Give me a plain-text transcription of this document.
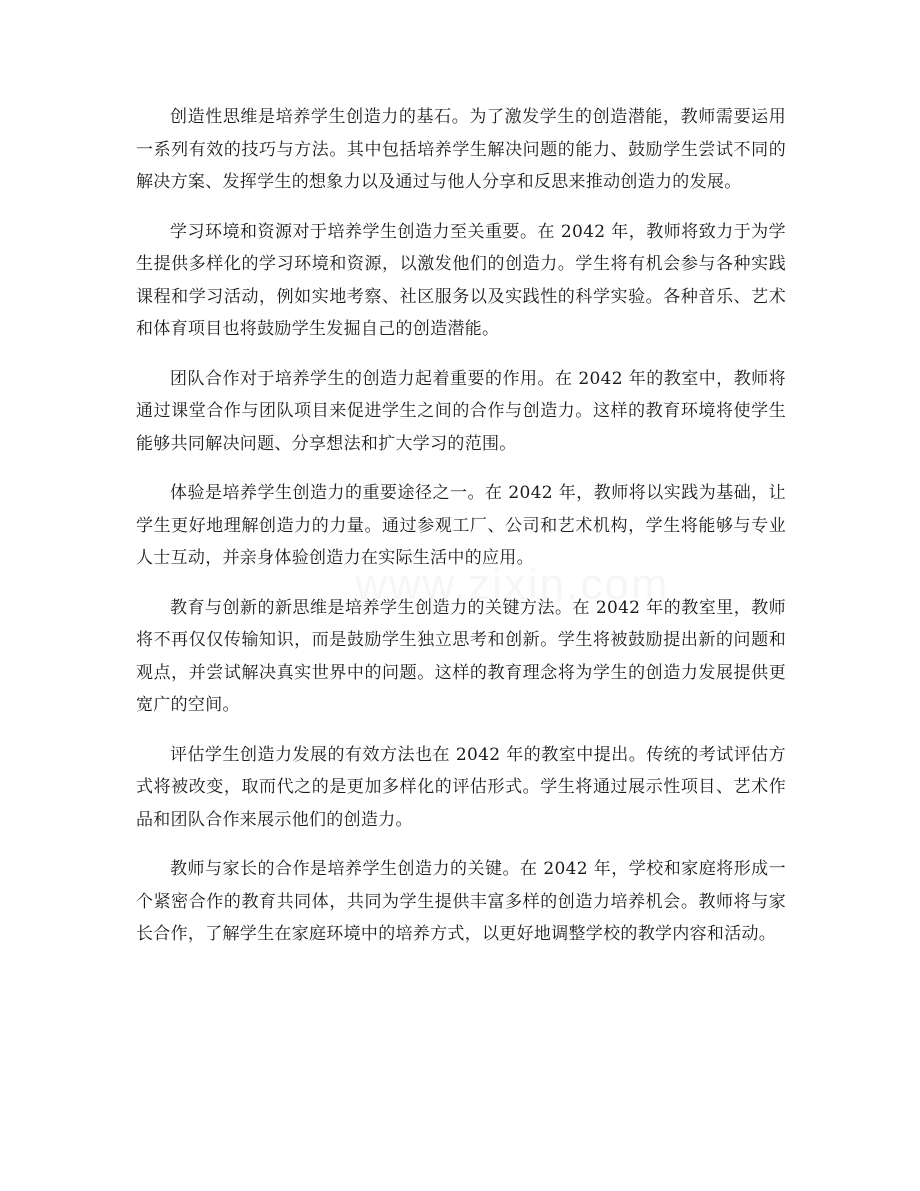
www.zixin.com

创造性思维是培养学生创造力的基石。为了激发学生的创造潜能，教师需要运用一系列有效的技巧与方法。其中包括培养学生解决问题的能力、鼓励学生尝试不同的解决方案、发挥学生的想象力以及通过与他人分享和反思来推动创造力的发展。

学习环境和资源对于培养学生创造力至关重要。在 2042 年，教师将致力于为学生提供多样化的学习环境和资源，以激发他们的创造力。学生将有机会参与各种实践课程和学习活动，例如实地考察、社区服务以及实践性的科学实验。各种音乐、艺术和体育项目也将鼓励学生发掘自己的创造潜能。

团队合作对于培养学生的创造力起着重要的作用。在 2042 年的教室中，教师将通过课堂合作与团队项目来促进学生之间的合作与创造力。这样的教育环境将使学生能够共同解决问题、分享想法和扩大学习的范围。

体验是培养学生创造力的重要途径之一。在 2042 年，教师将以实践为基础，让学生更好地理解创造力的力量。通过参观工厂、公司和艺术机构，学生将能够与专业人士互动，并亲身体验创造力在实际生活中的应用。

教育与创新的新思维是培养学生创造力的关键方法。在 2042 年的教室里，教师将不再仅仅传输知识，而是鼓励学生独立思考和创新。学生将被鼓励提出新的问题和观点，并尝试解决真实世界中的问题。这样的教育理念将为学生的创造力发展提供更宽广的空间。

评估学生创造力发展的有效方法也在 2042 年的教室中提出。传统的考试评估方式将被改变，取而代之的是更加多样化的评估形式。学生将通过展示性项目、艺术作品和团队合作来展示他们的创造力。

教师与家长的合作是培养学生创造力的关键。在 2042 年，学校和家庭将形成一个紧密合作的教育共同体，共同为学生提供丰富多样的创造力培养机会。教师将与家长合作，了解学生在家庭环境中的培养方式，以更好地调整学校的教学内容和活动。
